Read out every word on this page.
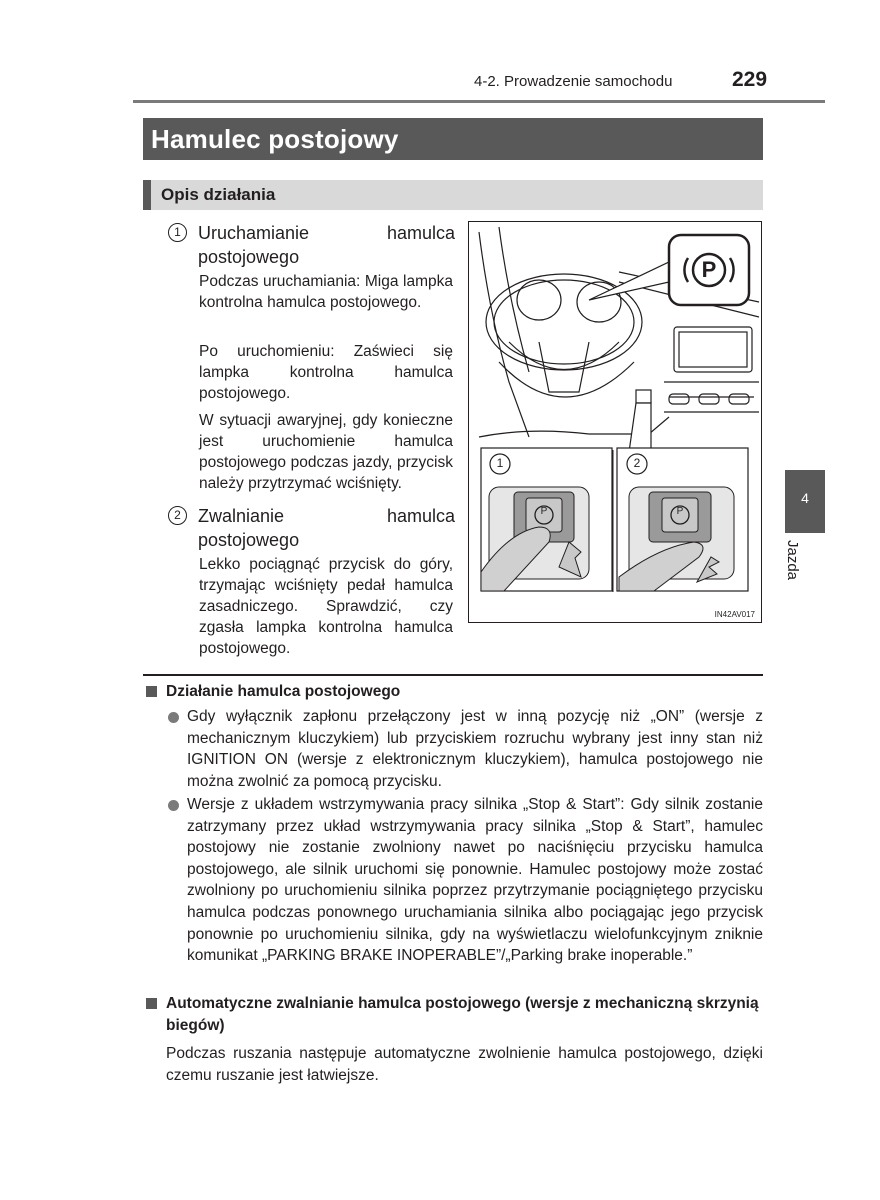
4-2. Prowadzenie samochodu	229
Hamulec postojowy
Opis działania
1 Uruchamianie hamulca postojowego
Podczas uruchamiania: Miga lampka kontrolna hamulca postojowego.
Po uruchomieniu: Zaświeci się lampka kontrolna hamulca postojowego.
W sytuacji awaryjnej, gdy konieczne jest uruchomienie hamulca postojowego podczas jazdy, przycisk należy przytrzymać wciśnięty.
2 Zwalnianie hamulca postojowego
Lekko pociągnąć przycisk do góry, trzymając wciśnięty pedał hamulca zasadniczego. Sprawdzić, czy zgasła lampka kontrolna hamulca postojowego.
P
P	P
1	2
IN42AV017
4
Jazda
Działanie hamulca postojowego
Gdy wyłącznik zapłonu przełączony jest w inną pozycję niż „ON” (wersje z mechanicznym kluczykiem) lub przyciskiem rozruchu wybrany jest inny stan niż IGNITION ON (wersje z elektronicznym kluczykiem), hamulca postojowego nie można zwolnić za pomocą przycisku.
Wersje z układem wstrzymywania pracy silnika „Stop & Start”: Gdy silnik zostanie zatrzymany przez układ wstrzymywania pracy silnika „Stop & Start”, hamulec postojowy nie zostanie zwolniony nawet po naciśnięciu przycisku hamulca postojowego, ale silnik uruchomi się ponownie. Hamulec postojowy może zostać zwolniony po uruchomieniu silnika poprzez przytrzymanie pociągniętego przycisku hamulca podczas ponownego uruchamiania silnika albo pociągając jego przycisk ponownie po uruchomieniu silnika, gdy na wyświetlaczu wielofunkcyjnym zniknie komunikat „PARKING BRAKE INOPERABLE”/„Parking brake inoperable.”
Automatyczne zwalnianie hamulca postojowego (wersje z mechaniczną skrzynią biegów)
Podczas ruszania następuje automatyczne zwolnienie hamulca postojowego, dzięki czemu ruszanie jest łatwiejsze.
